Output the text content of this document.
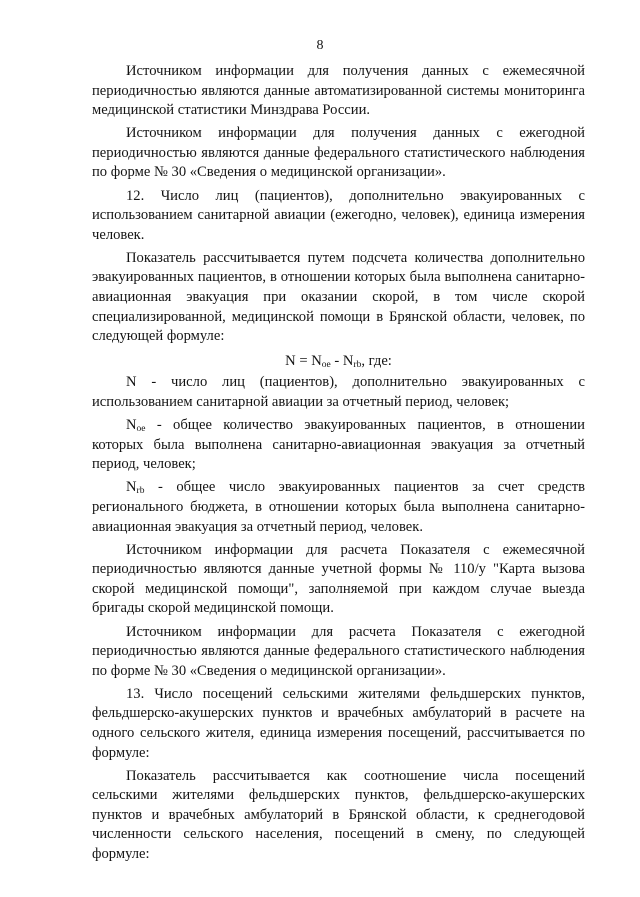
8

Источником информации для получения данных с ежемесячной периодичностью являются данные автоматизированной системы мониторинга медицинской статистики Минздрава России.

Источником информации для получения данных с ежегодной периодичностью являются данные федерального статистического наблюдения по форме № 30 «Сведения о медицинской организации».

12. Число лиц (пациентов), дополнительно эвакуированных с использованием санитарной авиации (ежегодно, человек), единица измерения человек.

Показатель рассчитывается путем подсчета количества дополнительно эвакуированных пациентов, в отношении которых была выполнена санитарно-авиационная эвакуация при оказании скорой, в том числе скорой специализированной, медицинской помощи в Брянской области, человек, по следующей формуле:

$N = N_{oe} - N_{rb}$, где:

N - число лиц (пациентов), дополнительно эвакуированных с использованием санитарной авиации за отчетный период, человек;

$N_{oe}$ - общее количество эвакуированных пациентов, в отношении которых была выполнена санитарно-авиационная эвакуация за отчетный период, человек;

$N_{rb}$ - общее число эвакуированных пациентов за счет средств регионального бюджета, в отношении которых была выполнена санитарно-авиационная эвакуация за отчетный период, человек.

Источником информации для расчета Показателя с ежемесячной периодичностью являются данные учетной формы № 110/у "Карта вызова скорой медицинской помощи", заполняемой при каждом случае выезда бригады скорой медицинской помощи.

Источником информации для расчета Показателя с ежегодной периодичностью являются данные федерального статистического наблюдения по форме № 30 «Сведения о медицинской организации».

13. Число посещений сельскими жителями фельдшерских пунктов, фельдшерско-акушерских пунктов и врачебных амбулаторий в расчете на одного сельского жителя, единица измерения посещений, рассчитывается по формуле:

Показатель рассчитывается как соотношение числа посещений сельскими жителями фельдшерских пунктов, фельдшерско-акушерских пунктов и врачебных амбулаторий в Брянской области, к среднегодовой численности сельского населения, посещений в смену, по следующей формуле:
